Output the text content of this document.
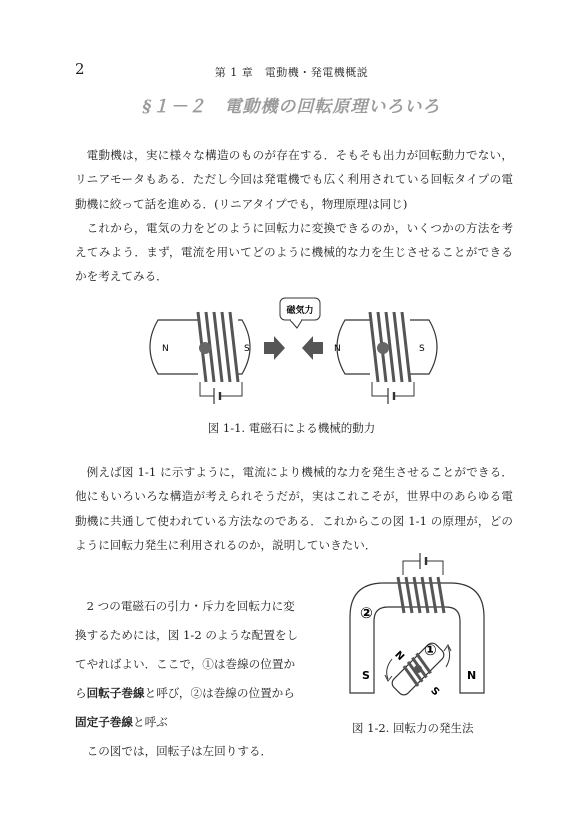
2	第 1 章　電動機・発電機概説
§１－２　電動機の回転原理いろいろ

電動機は，実に様々な構造のものが存在する．そもそも出力が回転動力でない，リニアモータもある．ただし今回は発電機でも広く利用されている回転タイプの電動機に絞って話を進める．(リニアタイプでも，物理原理は同じ)

これから，電気の力をどのように回転力に変換できるのか，いくつかの方法を考えてみよう．まず，電流を用いてどのように機械的な力を生じさせることができるかを考えてみる．

磁気力
N	S	N	S
図 1-1. 電磁石による機械的動力

例えば図 1-1 に示すように，電流により機械的な力を発生させることができる．他にもいろいろな構造が考えられそうだが，実はこれこそが，世界中のあらゆる電動機に共通して使われている方法なのである．これからこの図 1-1 の原理が，どのように回転力発生に利用されるのか，説明していきたい．

2 つの電磁石の引力・斥力を回転力に変換するためには，図 1-2 のような配置をしてやればよい．ここで，①は巻線の位置から回転子巻線と呼び，②は巻線の位置から固定子巻線と呼ぶ

この図では，回転子は左回りする．

②
S	N
N
S
①
図 1-2. 回転力の発生法
